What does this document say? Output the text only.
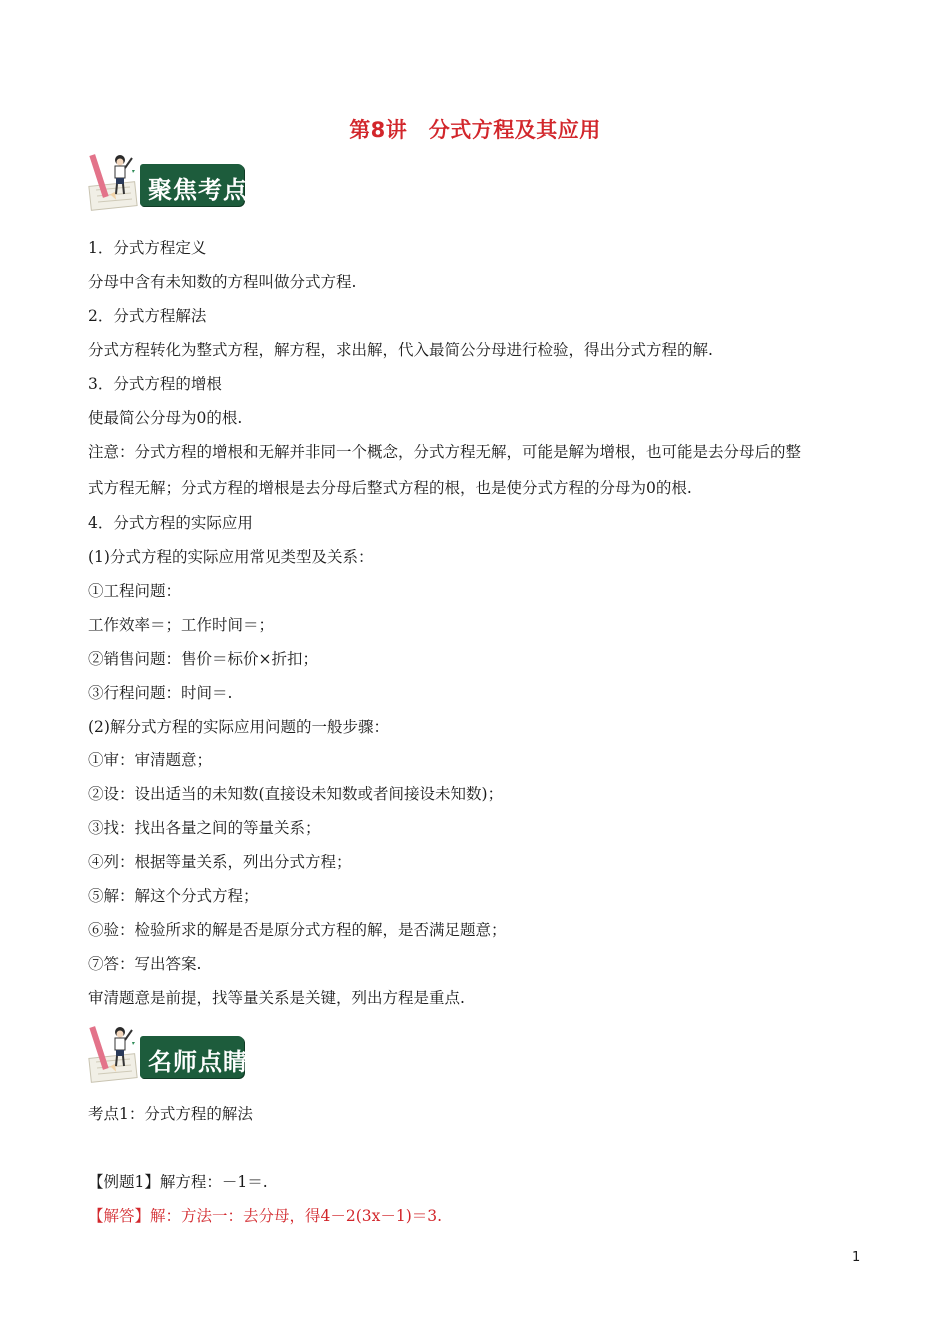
第8讲　分式方程及其应用
聚焦考点
1．分式方程定义
分母中含有未知数的方程叫做分式方程.
2．分式方程解法
分式方程转化为整式方程，解方程，求出解，代入最简公分母进行检验，得出分式方程的解.
3．分式方程的增根
使最简公分母为0的根.
注意：分式方程的增根和无解并非同一个概念，分式方程无解，可能是解为增根，也可能是去分母后的整
式方程无解；分式方程的增根是去分母后整式方程的根，也是使分式方程的分母为0的根.
4．分式方程的实际应用
(1)分式方程的实际应用常见类型及关系：
①工程问题：
工作效率＝；工作时间＝；
②销售问题：售价＝标价×折扣；
③行程问题：时间＝.
(2)解分式方程的实际应用问题的一般步骤：
①审：审清题意；
②设：设出适当的未知数(直接设未知数或者间接设未知数)；
③找：找出各量之间的等量关系；
④列：根据等量关系，列出分式方程；
⑤解：解这个分式方程；
⑥验：检验所求的解是否是原分式方程的解，是否满足题意；
⑦答：写出答案.
审清题意是前提，找等量关系是关键，列出方程是重点.
名师点睛
考点1：分式方程的解法
【例题1】解方程：－1＝.
【解答】解：方法一：去分母，得4－2(3x－1)＝3.
1
